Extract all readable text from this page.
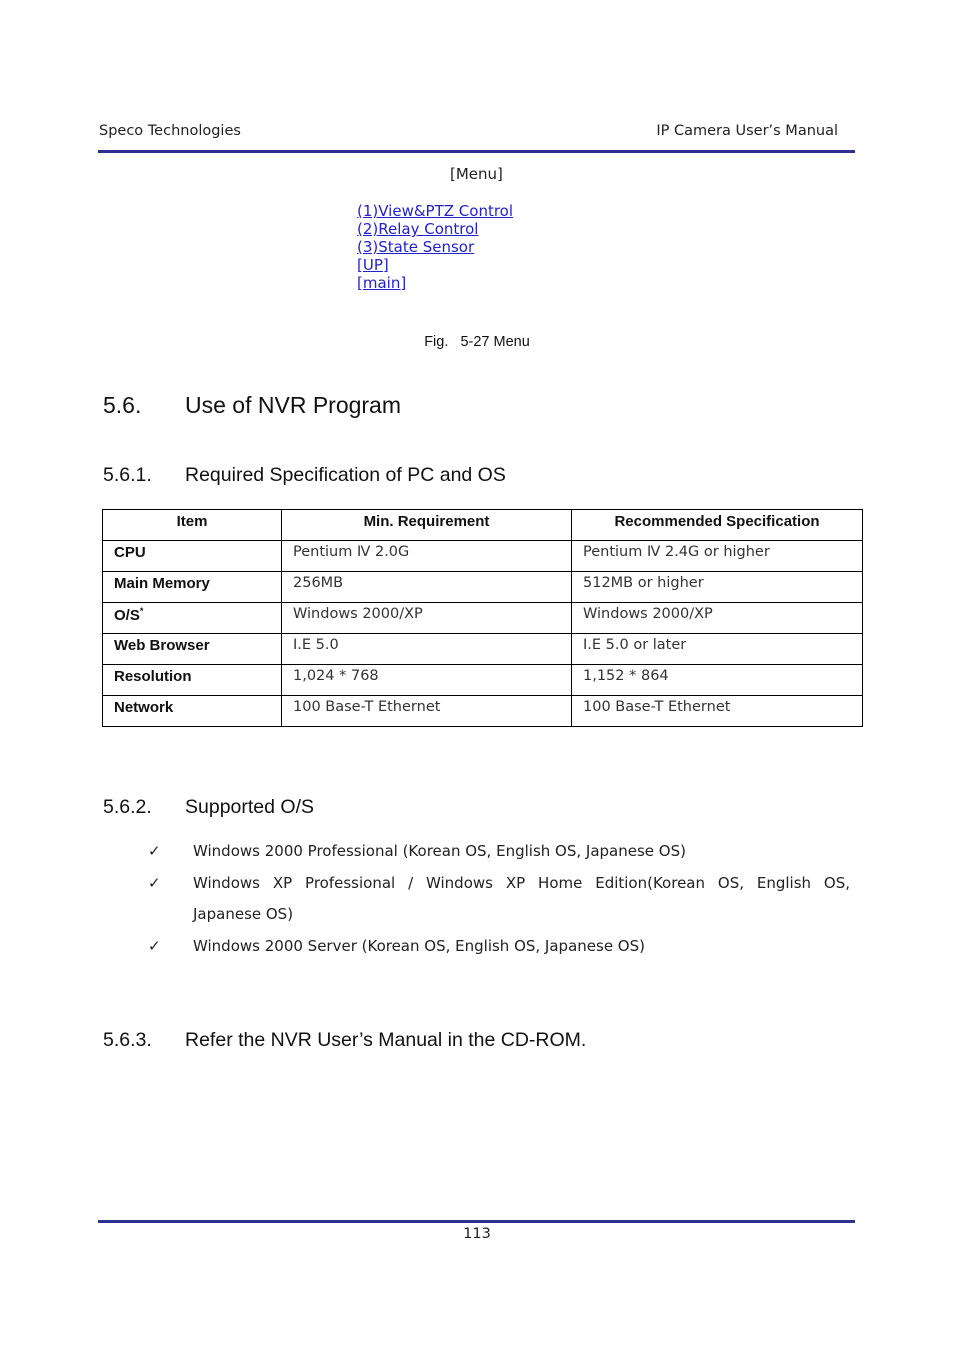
Speco Technologies	IP Camera User’s Manual
[Menu]
(1)View&PTZ Control
(2)Relay Control
(3)State Sensor
[UP]
[main]
Fig.   5-27 Menu
5.6. Use of NVR Program
5.6.1. Required Specification of PC and OS
Item	Min. Requirement	Recommended Specification
CPU	Pentium Ⅳ 2.0G	Pentium Ⅳ 2.4G or higher
Main Memory	256MB	512MB or higher
O/S*	Windows 2000/XP	Windows 2000/XP
Web Browser	I.E 5.0	I.E 5.0 or later
Resolution	1,024 * 768	1,152 * 864
Network	100 Base-T Ethernet	100 Base-T Ethernet
5.6.2. Supported O/S
✓ Windows 2000 Professional (Korean OS, English OS, Japanese OS)
✓ Windows XP Professional / Windows XP Home Edition(Korean OS, English OS,
Japanese OS)
✓ Windows 2000 Server (Korean OS, English OS, Japanese OS)
5.6.3. Refer the NVR User’s Manual in the CD-ROM.
113
